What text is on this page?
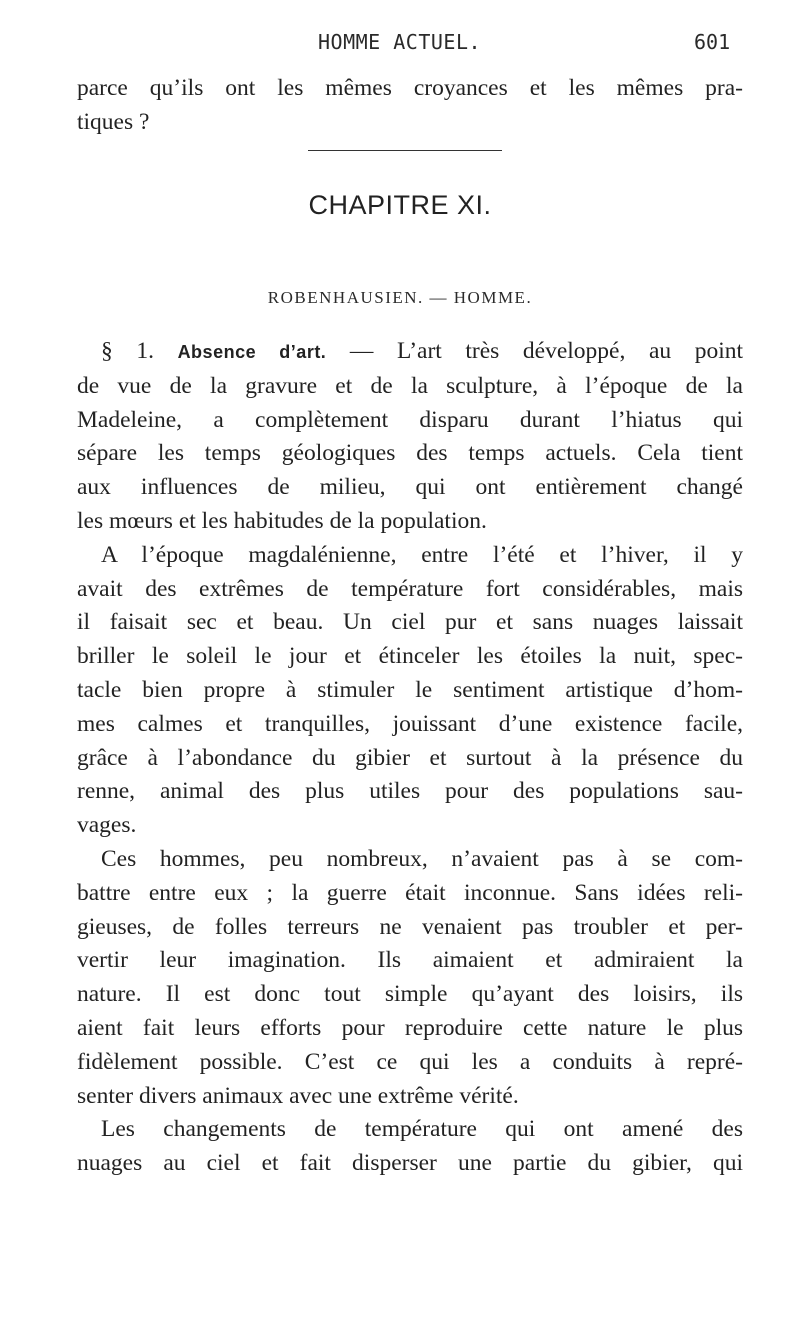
HOMME ACTUEL.	601
parce qu’ils ont les mêmes croyances et les mêmes pra-
tiques ?
CHAPITRE XI.
ROBENHAUSIEN. — HOMME.
§ 1. Absence d’art. — L’art très développé, au point
de vue de la gravure et de la sculpture, à l’époque de la
Madeleine, a complètement disparu durant l’hiatus qui
sépare les temps géologiques des temps actuels. Cela tient
aux influences de milieu, qui ont entièrement changé
les mœurs et les habitudes de la population.
A l’époque magdalénienne, entre l’été et l’hiver, il y
avait des extrêmes de température fort considérables, mais
il faisait sec et beau. Un ciel pur et sans nuages laissait
briller le soleil le jour et étinceler les étoiles la nuit, spec-
tacle bien propre à stimuler le sentiment artistique d’hom-
mes calmes et tranquilles, jouissant d’une existence facile,
grâce à l’abondance du gibier et surtout à la présence du
renne, animal des plus utiles pour des populations sau-
vages.
Ces hommes, peu nombreux, n’avaient pas à se com-
battre entre eux ; la guerre était inconnue. Sans idées reli-
gieuses, de folles terreurs ne venaient pas troubler et per-
vertir leur imagination. Ils aimaient et admiraient la
nature. Il est donc tout simple qu’ayant des loisirs, ils
aient fait leurs efforts pour reproduire cette nature le plus
fidèlement possible. C’est ce qui les a conduits à repré-
senter divers animaux avec une extrême vérité.
Les changements de température qui ont amené des
nuages au ciel et fait disperser une partie du gibier, qui
